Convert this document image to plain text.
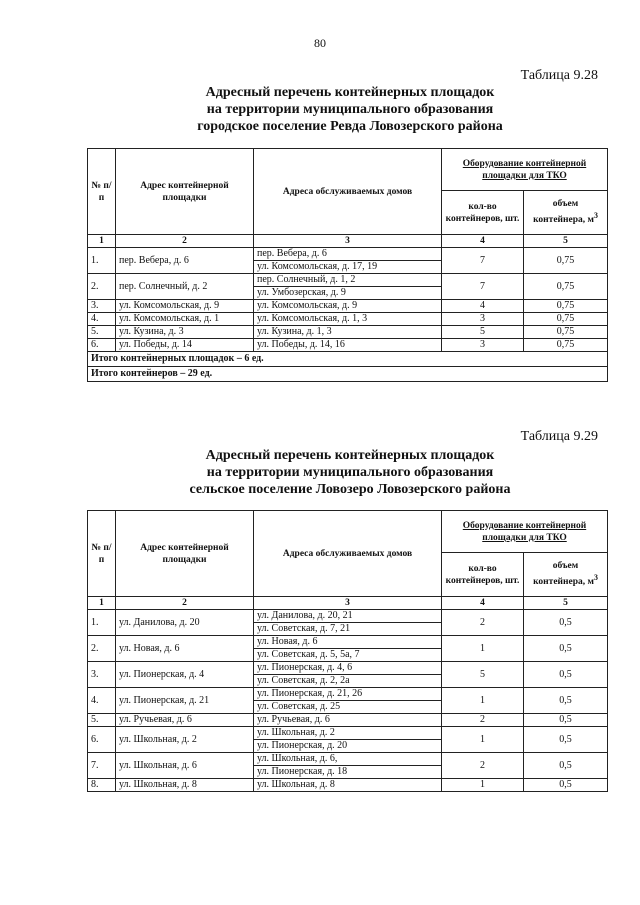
80
Таблица 9.28
Адресный перечень контейнерных площадок
на территории муниципального образования
городское поселение Ревда Ловозерского района
№ п/п	Адрес контейнерной площадки	Адреса обслуживаемых домов	Оборудование контейнерной площадки для ТКО	
			кол-во контейнеров, шт.	объем контейнера, $м^3$
1	2	3	4	5
1.	пер. Вебера, д. 6	пер. Вебера, д. 6	7	0,75
		ул. Комсомольская, д. 17, 19		
2.	пер. Солнечный, д. 2	пер. Солнечный, д. 1, 2	7	0,75
		ул. Умбозерская, д. 9		
3.	ул. Комсомольская, д. 9	ул. Комсомольская, д. 9	4	0,75
4.	ул. Комсомольская, д. 1	ул. Комсомольская, д. 1, 3	3	0,75
5.	ул. Кузина, д. 3	ул. Кузина, д. 1, 3	5	0,75
6.	ул. Победы, д. 14	ул. Победы, д. 14, 16	3	0,75
Итого контейнерных площадок – 6 ед.				
Итого контейнеров – 29 ед.				
Таблица 9.29
Адресный перечень контейнерных площадок
на территории муниципального образования
сельское поселение Ловозеро Ловозерского района
№ п/п	Адрес контейнерной площадки	Адреса обслуживаемых домов	Оборудование контейнерной площадки для ТКО	
			кол-во контейнеров, шт.	объем контейнера, $м^3$
1	2	3	4	5
1.	ул. Данилова, д. 20	ул. Данилова, д. 20, 21	2	0,5
		ул. Советская, д. 7, 21		
2.	ул. Новая, д. 6	ул. Новая, д. 6	1	0,5
		ул. Советская, д. 5, 5а, 7		
3.	ул. Пионерская, д. 4	ул. Пионерская, д. 4, 6	5	0,5
		ул. Советская, д. 2, 2а		
4.	ул. Пионерская, д. 21	ул. Пионерская, д. 21, 26	1	0,5
		ул. Советская, д. 25		
5.	ул. Ручьевая, д. 6	ул. Ручьевая, д. 6	2	0,5
6.	ул. Школьная, д. 2	ул. Школьная, д. 2	1	0,5
		ул. Пионерская, д. 20		
7.	ул. Школьная, д. 6	ул. Школьная, д. 6,	2	0,5
		ул. Пионерская, д. 18		
8.	ул. Школьная, д. 8	ул. Школьная, д. 8	1	0,5
